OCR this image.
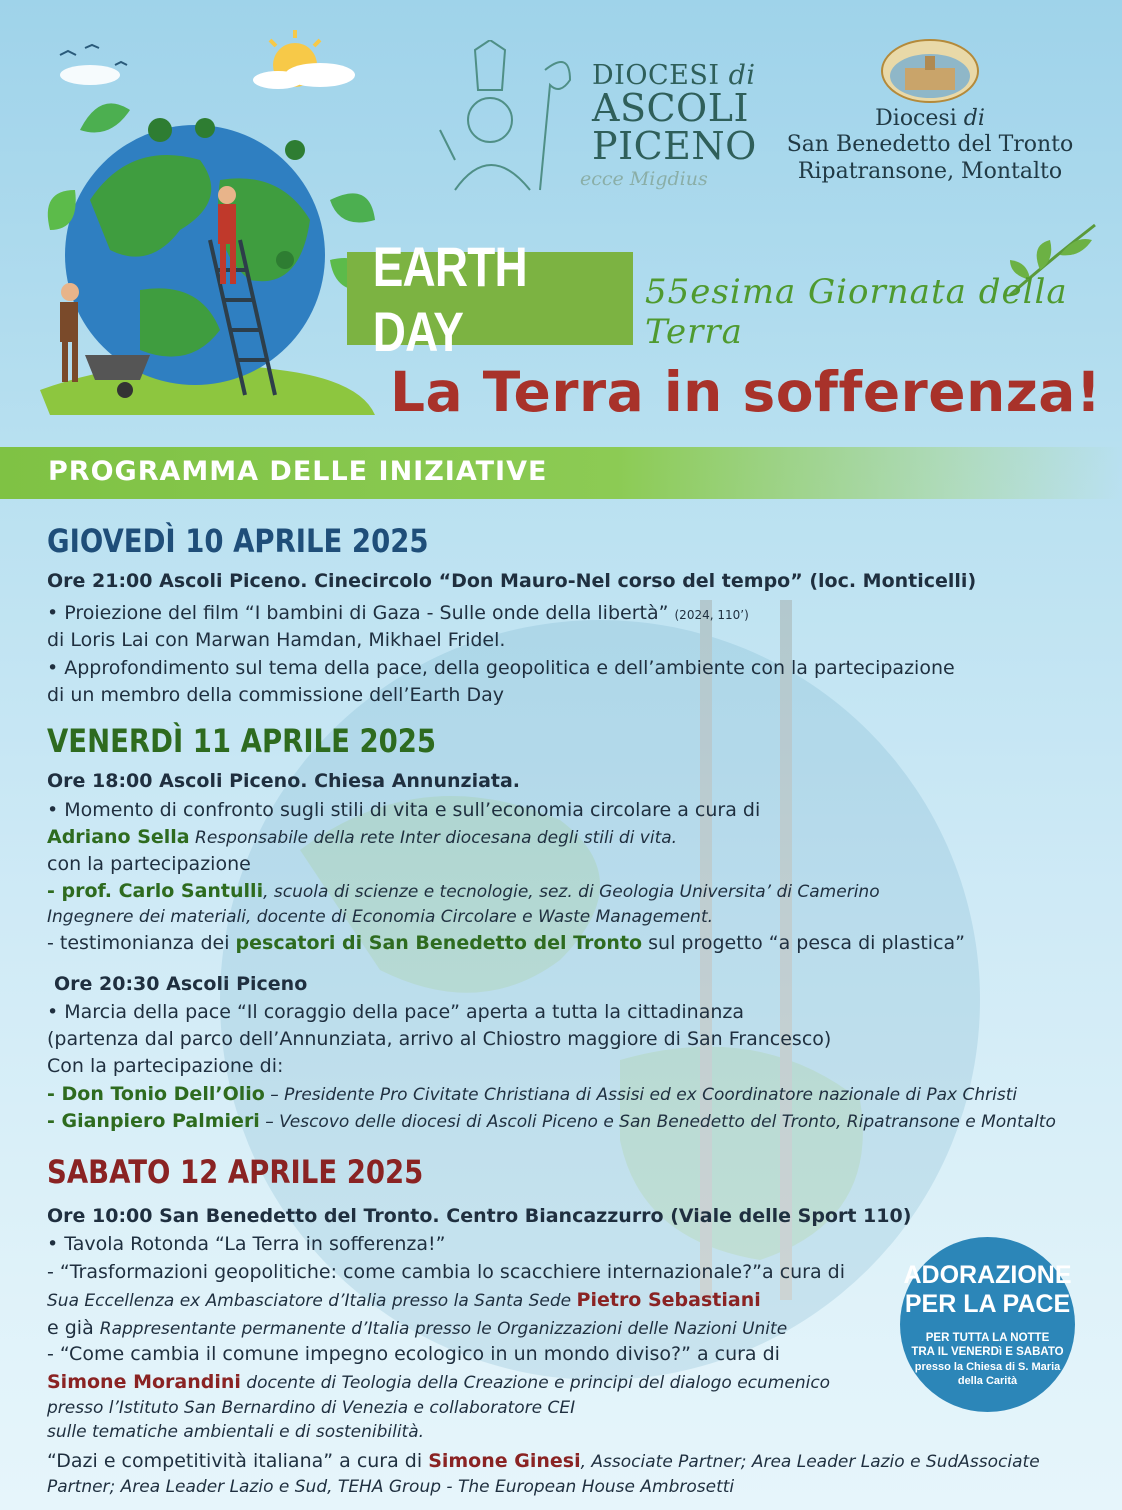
DIOCESI di
ASCOLI
PICENO
ecce Migdius
Diocesi di
San Benedetto del Tronto
Ripatransone, Montalto
EARTH DAY
55esima Giornata della Terra
La Terra in sofferenza!
PROGRAMMA DELLE INIZIATIVE
GIOVEDÌ 10 APRILE 2025
Ore 21:00 Ascoli Piceno. Cinecircolo “Don Mauro-Nel corso del tempo” (loc. Monticelli)
• Proiezione del film “I bambini di Gaza - Sulle onde della libertà” (2024, 110’)
di Loris Lai con Marwan Hamdan, Mikhael Fridel.
• Approfondimento sul tema della pace, della geopolitica e dell’ambiente con la partecipazione
di un membro della commissione dell’Earth Day
VENERDÌ 11 APRILE 2025
Ore 18:00 Ascoli Piceno. Chiesa Annunziata.
• Momento di confronto sugli stili di vita e sull’economia circolare a cura di
Adriano Sella Responsabile della rete Inter diocesana degli stili di vita.
con la partecipazione
- prof. Carlo Santulli, scuola di scienze e tecnologie, sez. di Geologia Universita’ di Camerino
Ingegnere dei materiali, docente di Economia Circolare e Waste Management.
- testimonianza dei pescatori di San Benedetto del Tronto sul progetto “a pesca di plastica”
Ore 20:30 Ascoli Piceno
• Marcia della pace “Il coraggio della pace” aperta a tutta la cittadinanza
(partenza dal parco dell’Annunziata, arrivo al Chiostro maggiore di San Francesco)
Con la partecipazione di:
- Don Tonio Dell’Olio – Presidente Pro Civitate Christiana di Assisi ed ex Coordinatore nazionale di Pax Christi
- Gianpiero Palmieri – Vescovo delle diocesi di Ascoli Piceno e San Benedetto del Tronto, Ripatransone e Montalto
SABATO 12 APRILE 2025
Ore 10:00 San Benedetto del Tronto. Centro Biancazzurro (Viale delle Sport 110)
• Tavola Rotonda “La Terra in sofferenza!”
- “Trasformazioni geopolitiche: come cambia lo scacchiere internazionale?”a cura di
Sua Eccellenza ex Ambasciatore d’Italia presso la Santa Sede Pietro Sebastiani
e già Rappresentante permanente d’Italia presso le Organizzazioni delle Nazioni Unite
- “Come cambia il comune impegno ecologico in un mondo diviso?” a cura di
Simone Morandini docente di Teologia della Creazione e principi del dialogo ecumenico
presso l’Istituto San Bernardino di Venezia e collaboratore CEI
sulle tematiche ambientali e di sostenibilità.
“Dazi e competitività italiana” a cura di Simone Ginesi, Associate Partner; Area Leader Lazio e SudAssociate
Partner; Area Leader Lazio e Sud, TEHA Group - The European House Ambrosetti
ADORAZIONE
PER LA PACE
PER TUTTA LA NOTTE
TRA IL VENERDì E SABATO
presso la Chiesa di S. Maria
della Carità
